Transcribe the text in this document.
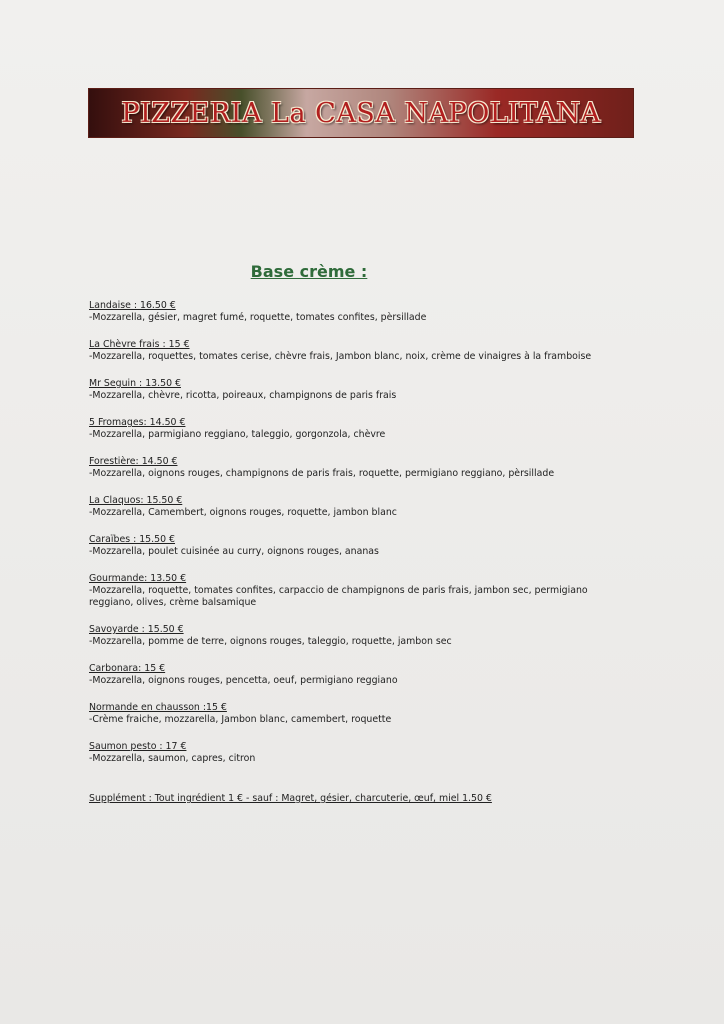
PIZZERIA La CASA NAPOLITANA
Base crème :
Landaise : 16.50 €
-Mozzarella, gésier, magret fumé, roquette, tomates confites, pèrsillade
La Chèvre frais : 15 €
-Mozzarella, roquettes, tomates cerise, chèvre frais, Jambon blanc, noix, crème de vinaigres à la framboise
Mr Seguin : 13.50 €
-Mozzarella, chèvre, ricotta, poireaux, champignons de paris frais
5 Fromages: 14.50 €
-Mozzarella, parmigiano reggiano, taleggio, gorgonzola, chèvre
Forestière: 14.50 €
-Mozzarella, oignons rouges, champignons de paris frais, roquette, permigiano reggiano, pèrsillade
La Claquos: 15.50 €
-Mozzarella, Camembert, oignons rouges, roquette, jambon blanc
Caraïbes : 15.50 €
-Mozzarella, poulet cuisinée au curry, oignons rouges, ananas
Gourmande: 13.50 €
-Mozzarella, roquette, tomates confites, carpaccio de champignons de paris frais, jambon sec, permigiano reggiano, olives, crème balsamique
Savoyarde : 15.50 €
-Mozzarella, pomme de terre, oignons rouges, taleggio, roquette, jambon sec
Carbonara: 15 €
-Mozzarella, oignons rouges, pencetta, oeuf, permigiano reggiano
Normande en chausson :15 €
-Crème fraiche, mozzarella, Jambon blanc, camembert, roquette
Saumon pesto : 17 €
-Mozzarella, saumon, capres, citron
Supplément : Tout ingrédient 1 € - sauf : Magret, gésier, charcuterie, œuf, miel 1.50 €
